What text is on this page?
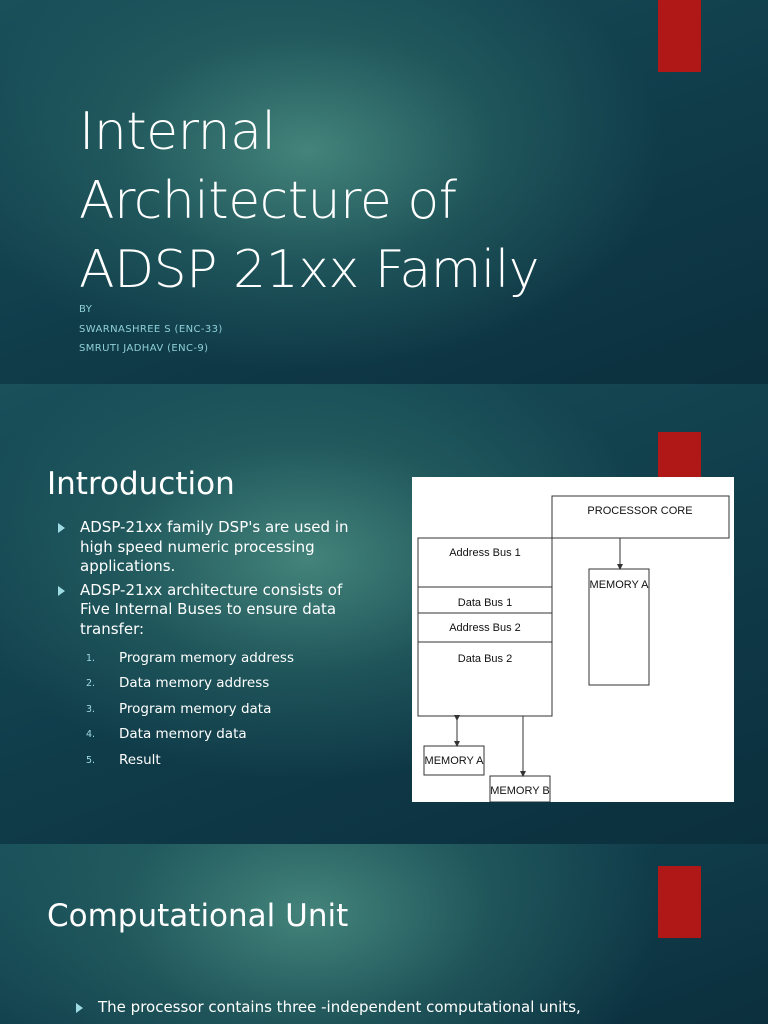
Internal
Architecture of
ADSP 21xx Family
BY
SWARNASHREE S (ENC-33)
SMRUTI JADHAV (ENC-9)
Introduction
ADSP-21xx family DSP's are used in high speed numeric processing applications.
ADSP-21xx architecture consists of Five Internal Buses to ensure data transfer:
1. Program memory address
2. Data memory address
3. Program memory data
4. Data memory data
5. Result
PROCESSOR CORE
Address Bus 1
Data Bus 1
Address Bus 2
Data Bus 2
MEMORY A
MEMORY A
MEMORY B
Computational Unit
The processor contains three -independent computational units,
